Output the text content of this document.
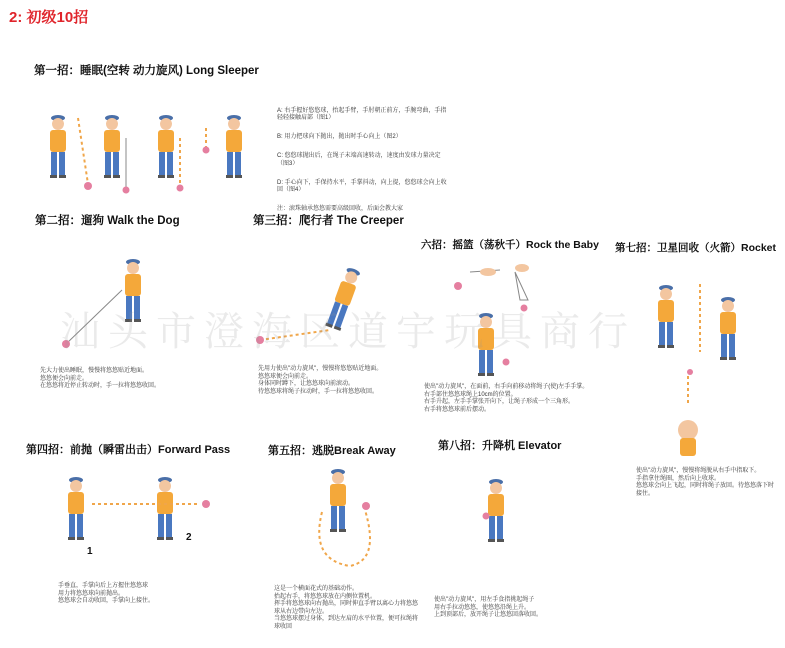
2: 初级10招
第一招：睡眠(空转 动力旋风) Long Sleeper
第二招：遛狗 Walk the Dog	第三招：爬行者 The Creeper
六招：摇篮（荡秋千）Rock the Baby 第七招：卫星回收（火箭）Rocket
第四招：前抛（瞬雷出击）Forward Pass	第五招：逃脱Break Away	第八招：升降机 Elevator

A: 右手握好悠悠球，抬起手臂，手肘朝正前方，手腕弯曲，手指轻轻接触肩部（图1）

B: 用力把球向下抛出，抛出时手心向上（图2）

C: 悠悠球抛出后，在绳子末端高速转动，速度由发球力量决定（图3）

D: 手心向下，手保持水平，手掌抖动，向上提，悠悠球会向上收回（图4）

注：滚珠轴承悠悠需要高级回收，后面会教大家

先大力使出睡眠，慢慢将悠悠贴近地面。
悠悠便会向前走。
在悠悠将近停止转动时，手一拉将悠悠收回。
先用力使出"动力旋风"，慢慢将悠悠贴近地面。
悠悠球便会向前走。
身体同时蹲下，让悠悠球向前滚动。
待悠悠球将绳子拉动时，手一拉将悠悠收回。
使出"动力旋风"，在面前，右手向前移动将绳子(使)左手手掌。
右手部住悠悠球绳上10cm的位置。
右手升起，左手手掌张开向下，让绳子形成一个三角形。
右手将悠悠球前后摆动。
使出"动力旋风"，慢慢将绳脱从右手中指取下。
手指拿住绳圈，然后向上收球。
悠悠球会向上飞起，同时将绳子放回。待悠悠落下时接住。
手垂直，手掌向后上方握住悠悠球
用力将悠悠球向前抛出。
悠悠球会自动收回，手掌向上接住。
这是一个横面花式的基础动作。
抬起右手，将悠悠球放在内侧位置机。
挥手将悠悠球向右抛出，同时伸直手臂以离心力将悠悠
球从右边带向左边。
当悠悠球摆过身体，到达左肩的水平位置，便可拉绳将
球收回
使出"动力旋风"，用左手食指挑起绳子
用右手拉动悠悠，使悠悠沿绳上升。
上到顶部后，放开绳子让悠悠回落收回。
1
2
汕头市澄海区道宇玩具商行
